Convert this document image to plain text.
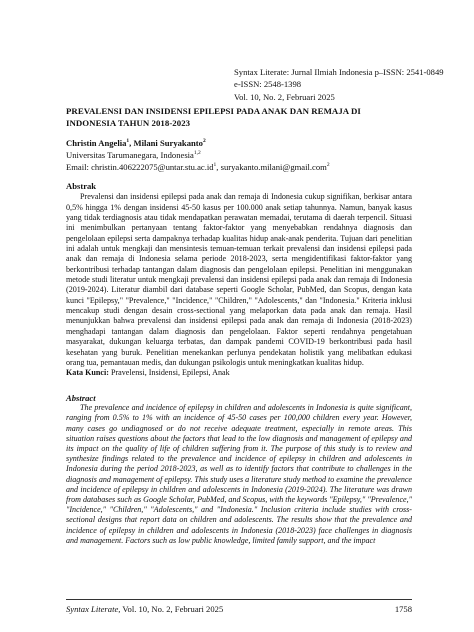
Syntax Literate: Jurnal Ilmiah Indonesia p–ISSN: 2541-0849
e-ISSN: 2548-1398
Vol. 10, No. 2, Februari 2025
PREVALENSI DAN INSIDENSI EPILEPSI PADA ANAK DAN REMAJA DI INDONESIA TAHUN 2018-2023
Christin Angelia$^1$, Milani Suryakanto$^2$
Universitas Tarumanegara, Indonesia$^{1,2}$
Email: $christin.406222075@untar.stu.ac.id^1$, suryakanto.milani@gmail.com$^2$
Abstrak
Prevalensi dan insidensi epilepsi pada anak dan remaja di Indonesia cukup signifikan, berkisar antara 0,5% hingga 1% dengan insidensi 45-50 kasus per 100.000 anak setiap tahunnya. Namun, banyak kasus yang tidak terdiagnosis atau tidak mendapatkan perawatan memadai, terutama di daerah terpencil. Situasi ini menimbulkan pertanyaan tentang faktor-faktor yang menyebabkan rendahnya diagnosis dan pengelolaan epilepsi serta dampaknya terhadap kualitas hidup anak-anak penderita. Tujuan dari penelitian ini adalah untuk mengkaji dan mensintesis temuan-temuan terkait prevalensi dan insidensi epilepsi pada anak dan remaja di Indonesia selama periode 2018-2023, serta mengidentifikasi faktor-faktor yang berkontribusi terhadap tantangan dalam diagnosis dan pengelolaan epilepsi. Penelitian ini menggunakan metode studi literatur untuk mengkaji prevalensi dan insidensi epilepsi pada anak dan remaja di Indonesia (2019-2024). Literatur diambil dari database seperti Google Scholar, PubMed, dan Scopus, dengan kata kunci "Epilepsy," "Prevalence," "Incidence," "Children," "Adolescents," dan "Indonesia." Kriteria inklusi mencakup studi dengan desain cross-sectional yang melaporkan data pada anak dan remaja. Hasil menunjukkan bahwa prevalensi dan insidensi epilepsi pada anak dan remaja di Indonesia (2018-2023) menghadapi tantangan dalam diagnosis dan pengelolaan. Faktor seperti rendahnya pengetahuan masyarakat, dukungan keluarga terbatas, dan dampak pandemi COVID-19 berkontribusi pada hasil kesehatan yang buruk. Penelitian menekankan perlunya pendekatan holistik yang melibatkan edukasi orang tua, pemantauan medis, dan dukungan psikologis untuk meningkatkan kualitas hidup.
Kata Kunci: Pravelensi, Insidensi, Epilepsi, Anak
Abstract
The prevalence and incidence of epilepsy in children and adolescents in Indonesia is quite significant, ranging from 0.5% to 1% with an incidence of 45-50 cases per 100,000 children every year. However, many cases go undiagnosed or do not receive adequate treatment, especially in remote areas. This situation raises questions about the factors that lead to the low diagnosis and management of epilepsy and its impact on the quality of life of children suffering from it. The purpose of this study is to review and synthesize findings related to the prevalence and incidence of epilepsy in children and adolescents in Indonesia during the period 2018-2023, as well as to identify factors that contribute to challenges in the diagnosis and management of epilepsy. This study uses a literature study method to examine the prevalence and incidence of epilepsy in children and adolescents in Indonesia (2019-2024). The literature was drawn from databases such as Google Scholar, PubMed, and Scopus, with the keywords "Epilepsy," "Prevalence," "Incidence," "Children," "Adolescents," and "Indonesia." Inclusion criteria include studies with cross-sectional designs that report data on children and adolescents. The results show that the prevalence and incidence of epilepsy in children and adolescents in Indonesia (2018-2023) face challenges in diagnosis and management. Factors such as low public knowledge, limited family support, and the impact
Syntax Literate, Vol. 10, No. 2, Februari 2025	1758
